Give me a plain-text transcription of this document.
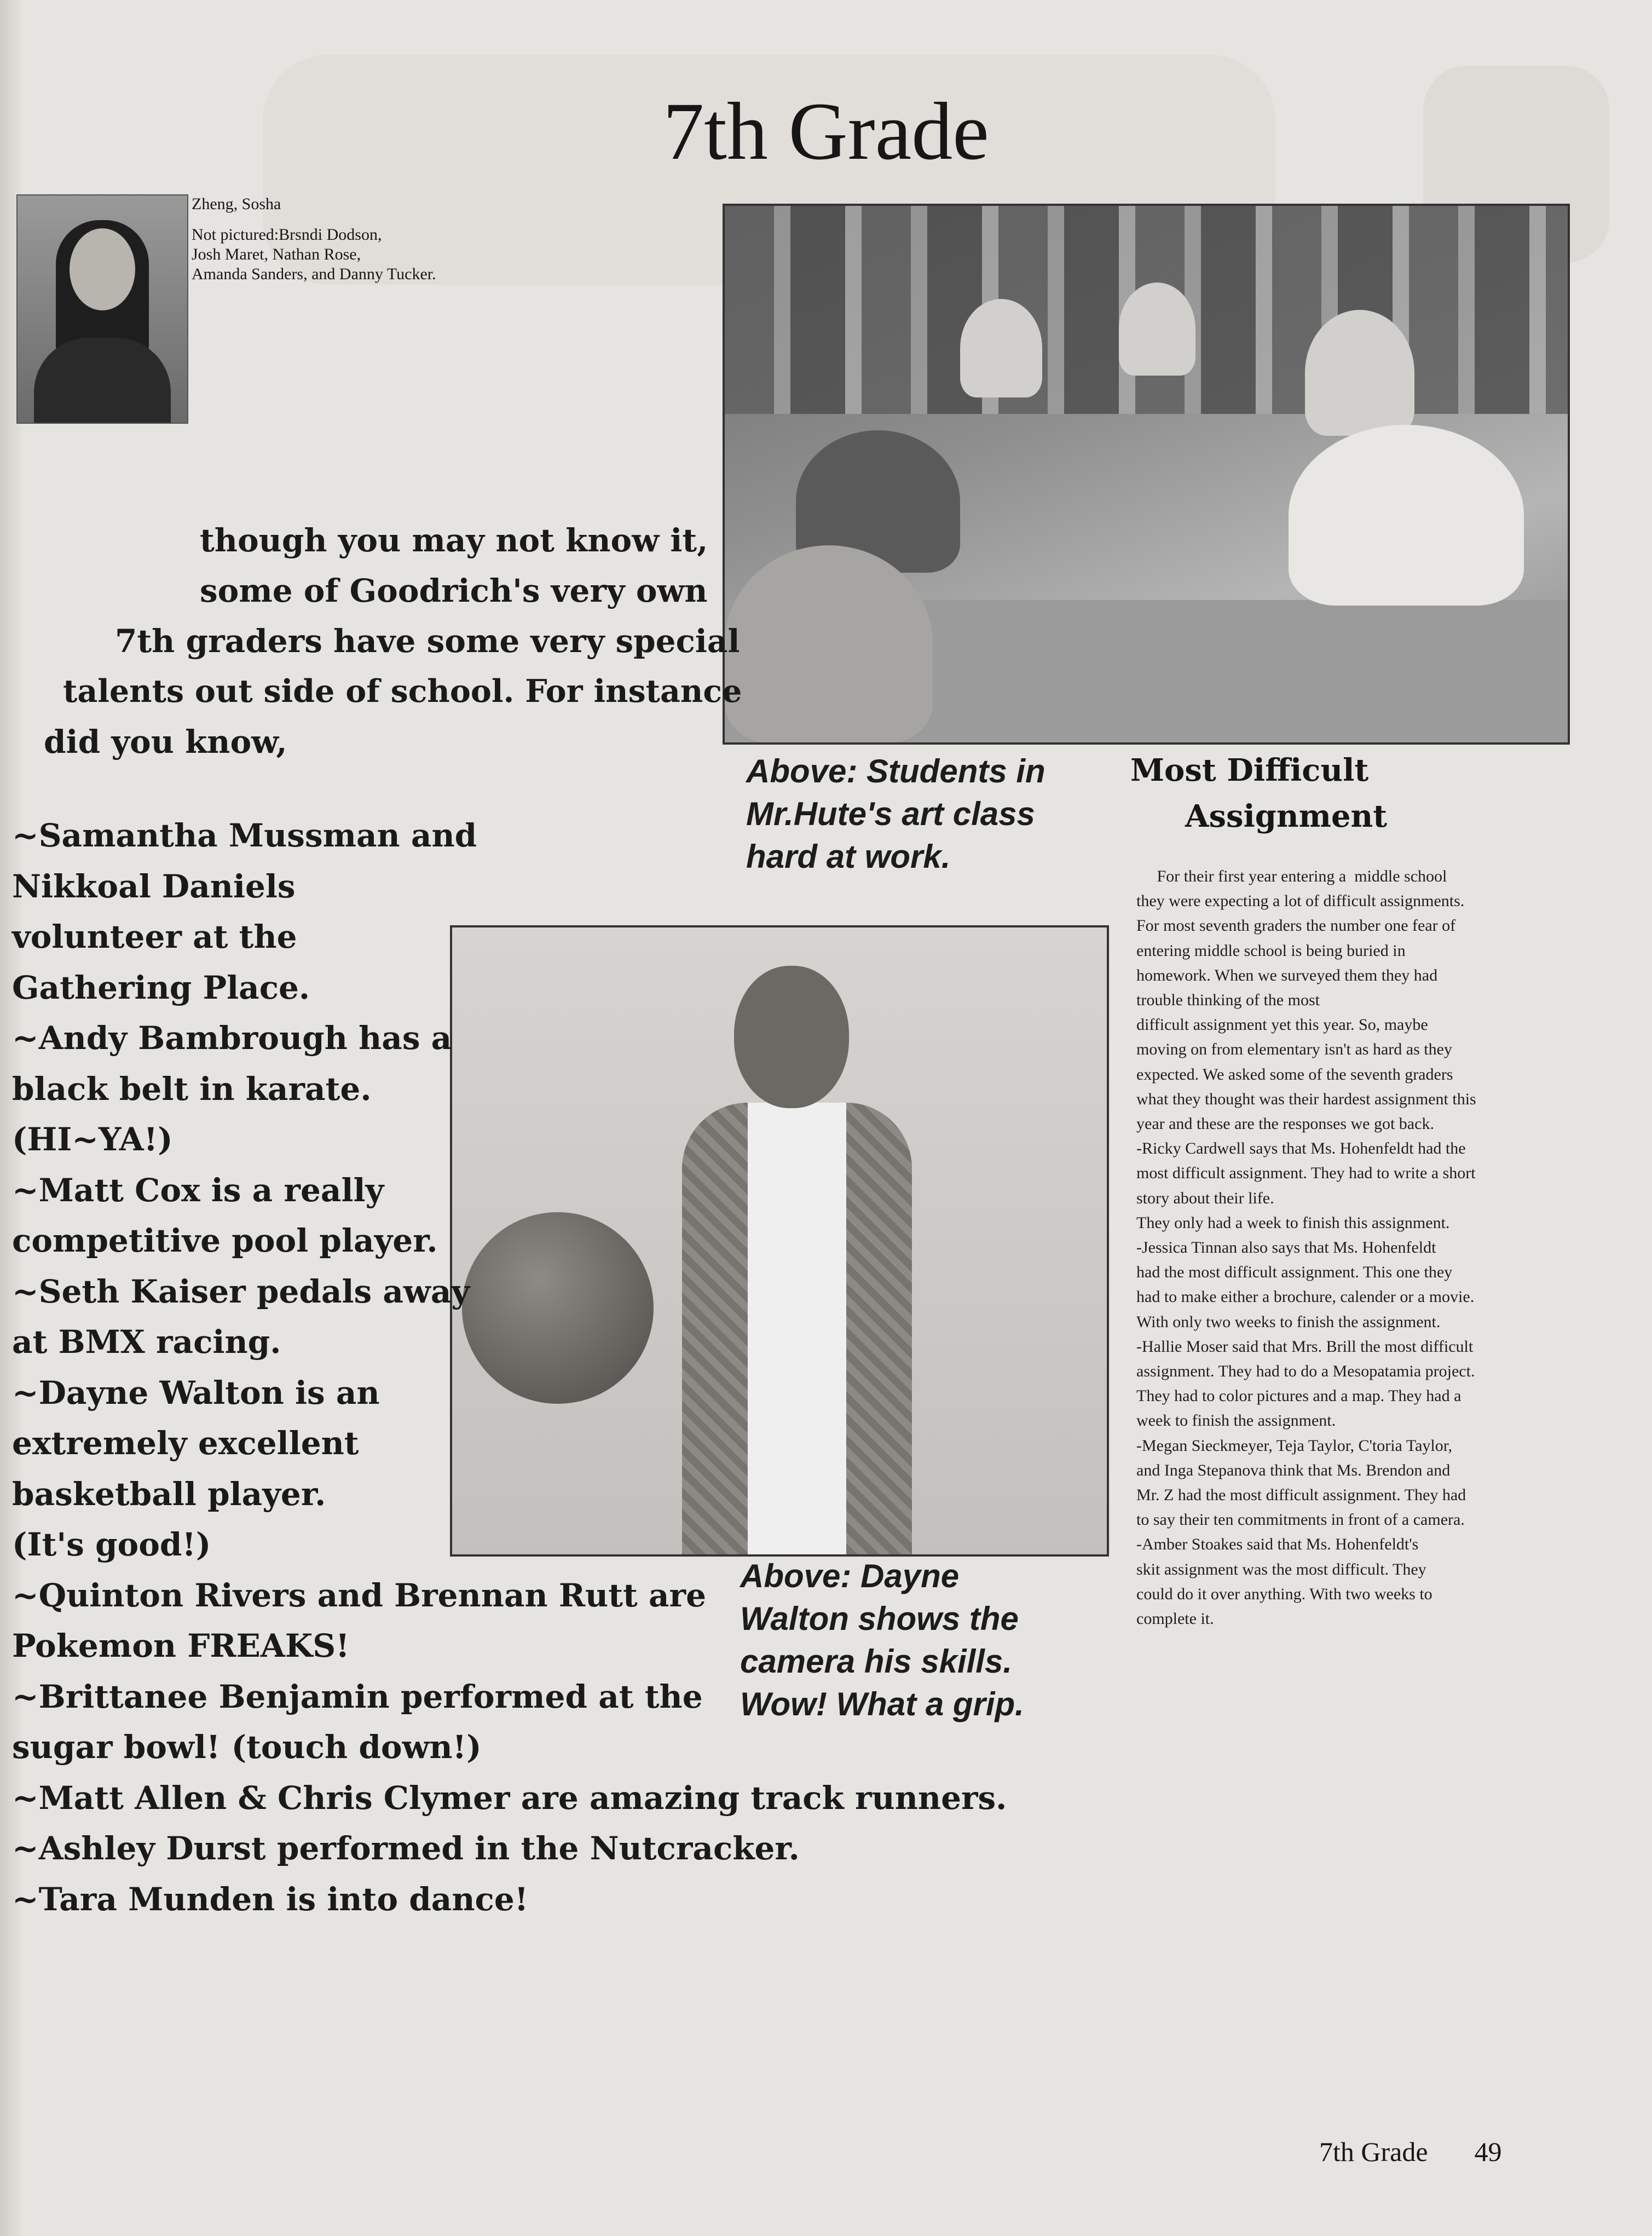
7th Grade

Zheng, Sosha

Not pictured:Brsndi Dodson,
Josh Maret, Nathan Rose,
Amanda Sanders, and Danny Tucker.
though you may not know it,
some of Goodrich's very own
7th graders have some very special
talents out side of school. For instance
did you know,
~Samantha Mussman and
Nikkoal Daniels
volunteer at the
Gathering Place.
~Andy Bambrough has a
black belt in karate.
(HI~YA!)
~Matt Cox is a really
competitive pool player.
~Seth Kaiser pedals away
at BMX racing.
~Dayne Walton is an
extremely excellent
basketball player.
(It's good!)
~Quinton Rivers and Brennan Rutt are
Pokemon FREAKS!
~Brittanee Benjamin performed at the
sugar bowl! (touch down!)
~Matt Allen & Chris Clymer are amazing track runners.
~Ashley Durst performed in the Nutcracker.
~Tara Munden is into dance!
Above: Students in
Mr.Hute's art class
hard at work.
Above: Dayne
Walton shows the
camera his skills.
Wow! What a grip.
Most Difficult
Assignment
For their first year entering a  middle school
they were expecting a lot of difficult assignments.
For most seventh graders the number one fear of
entering middle school is being buried in
homework. When we surveyed them they had
trouble thinking of the most
difficult assignment yet this year. So, maybe
moving on from elementary isn't as hard as they
expected. We asked some of the seventh graders
what they thought was their hardest assignment this
year and these are the responses we got back.
-Ricky Cardwell says that Ms. Hohenfeldt had the
most difficult assignment. They had to write a short
story about their life.
They only had a week to finish this assignment.
-Jessica Tinnan also says that Ms. Hohenfeldt
had the most difficult assignment. This one they
had to make either a brochure, calender or a movie.
With only two weeks to finish the assignment.
-Hallie Moser said that Mrs. Brill the most difficult
assignment. They had to do a Mesopatamia project.
They had to color pictures and a map. They had a
week to finish the assignment.
-Megan Sieckmeyer, Teja Taylor, C'toria Taylor,
and Inga Stepanova think that Ms. Brendon and
Mr. Z had the most difficult assignment. They had
to say their ten commitments in front of a camera.
-Amber Stoakes said that Ms. Hohenfeldt's
skit assignment was the most difficult. They
could do it over anything. With two weeks to
complete it.
7th Grade 49
